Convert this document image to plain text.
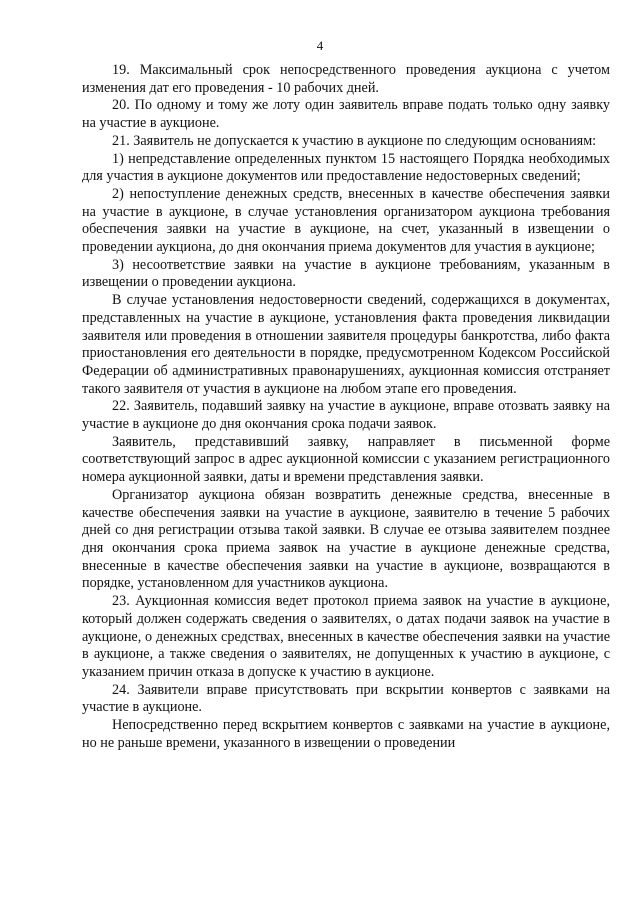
4

19. Максимальный срок непосредственного проведения аукциона с учетом изменения дат его проведения - 10 рабочих дней.

20. По одному и тому же лоту один заявитель вправе подать только одну заявку на участие в аукционе.

21. Заявитель не допускается к участию в аукционе по следующим основаниям:

1) непредставление определенных пунктом 15 настоящего Порядка необходимых для участия в аукционе документов или предоставление недостоверных сведений;

2) непоступление денежных средств, внесенных в качестве обеспечения заявки на участие в аукционе, в случае установления организатором аукциона требования обеспечения заявки на участие в аукционе, на счет, указанный в извещении о проведении аукциона, до дня окончания приема документов для участия в аукционе;

3) несоответствие заявки на участие в аукционе требованиям, указанным в извещении о проведении аукциона.

В случае установления недостоверности сведений, содержащихся в документах, представленных на участие в аукционе, установления факта проведения ликвидации заявителя или проведения в отношении заявителя процедуры банкротства, либо факта приостановления его деятельности в порядке, предусмотренном Кодексом Российской Федерации об административных правонарушениях, аукционная комиссия отстраняет такого заявителя от участия в аукционе на любом этапе его проведения.

22. Заявитель, подавший заявку на участие в аукционе, вправе отозвать заявку на участие в аукционе до дня окончания срока подачи заявок.

Заявитель, представивший заявку, направляет в письменной форме соответствующий запрос в адрес аукционной комиссии с указанием регистрационного номера аукционной заявки, даты и времени представления заявки.

Организатор аукциона обязан возвратить денежные средства, внесенные в качестве обеспечения заявки на участие в аукционе, заявителю в течение 5 рабочих дней со дня регистрации отзыва такой заявки. В случае ее отзыва заявителем позднее дня окончания срока приема заявок на участие в аукционе денежные средства, внесенные в качестве обеспечения заявки на участие в аукционе, возвращаются в порядке, установленном для участников аукциона.

23. Аукционная комиссия ведет протокол приема заявок на участие в аукционе, который должен содержать сведения о заявителях, о датах подачи заявок на участие в аукционе, о денежных средствах, внесенных в качестве обеспечения заявки на участие в аукционе, а также сведения о заявителях, не допущенных к участию в аукционе, с указанием причин отказа в допуске к участию в аукционе.

24. Заявители вправе присутствовать при вскрытии конвертов с заявками на участие в аукционе.

Непосредственно перед вскрытием конвертов с заявками на участие в аукционе, но не раньше времени, указанного в извещении о проведении
